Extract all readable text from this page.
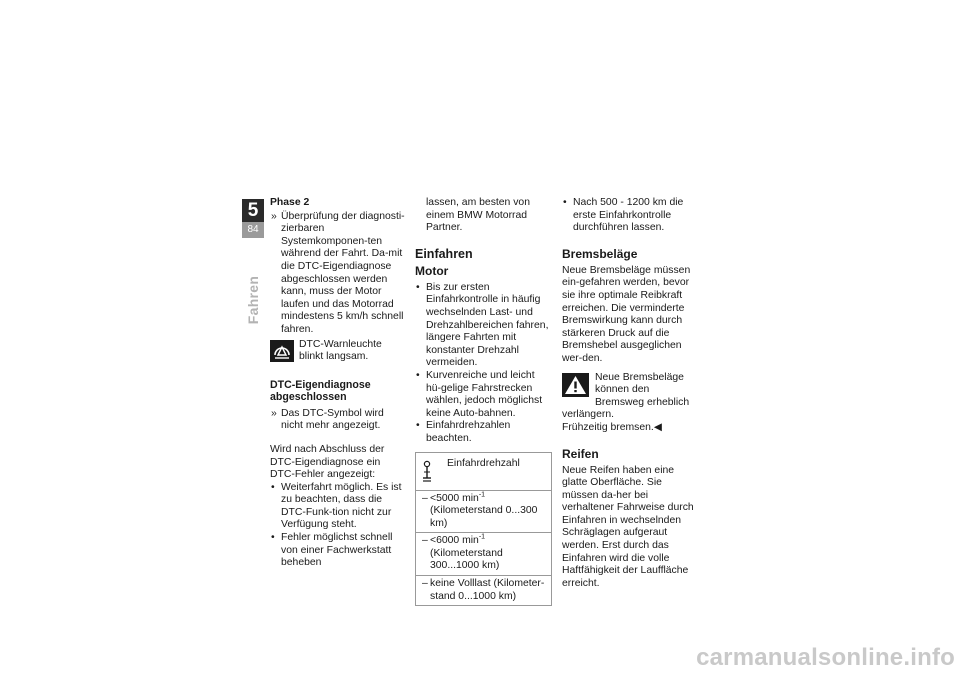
5
84
Fahren
Phase 2
» Überprüfung der diagnosti-zierbaren Systemkomponen-ten während der Fahrt. Da-mit die DTC-Eigendiagnose abgeschlossen werden kann, muss der Motor laufen und das Motorrad mindestens 5 km/h schnell fahren.
DTC-Warnleuchte blinkt langsam.
DTC-Eigendiagnose abgeschlossen
» Das DTC-Symbol wird nicht mehr angezeigt.

Wird nach Abschluss der DTC-Eigendiagnose ein DTC-Fehler angezeigt:

• Weiterfahrt möglich. Es ist zu beachten, dass die DTC-Funk-tion nicht zur Verfügung steht.
• Fehler möglichst schnell von einer Fachwerkstatt beheben

lassen, am besten von einem BMW Motorrad Partner.

Einfahren
Motor
• Bis zur ersten Einfahrkontrolle in häufig wechselnden Last- und Drehzahlbereichen fahren, längere Fahrten mit konstanter Drehzahl vermeiden.
• Kurvenreiche und leicht hü-gelige Fahrstrecken wählen, jedoch möglichst keine Auto-bahnen.
• Einfahrdrehzahlen beachten.
Einfahrdrehzahl
– <5000 $\min^{-1}$ (Kilometerstand 0...300 km)
– <6000 $\min^{-1}$ (Kilometerstand 300...1000 km)
– keine Volllast (Kilometer-stand 0...1000 km)
• Nach 500 - 1200 km die erste Einfahrkontrolle durchführen lassen.
Bremsbeläge

Neue Bremsbeläge müssen ein-gefahren werden, bevor sie ihre optimale Reibkraft erreichen. Die verminderte Bremswirkung kann durch stärkeren Druck auf die Bremshebel ausgeglichen wer-den.

Neue Bremsbeläge können den Bremsweg erheblich verlängern.

Frühzeitig bremsen.◀

Reifen

Neue Reifen haben eine glatte Oberfläche. Sie müssen da-her bei verhaltener Fahrweise durch Einfahren in wechselnden Schräglagen aufgeraut werden. Erst durch das Einfahren wird die volle Haftfähigkeit der Lauffläche erreicht.

carmanualsonline.info
